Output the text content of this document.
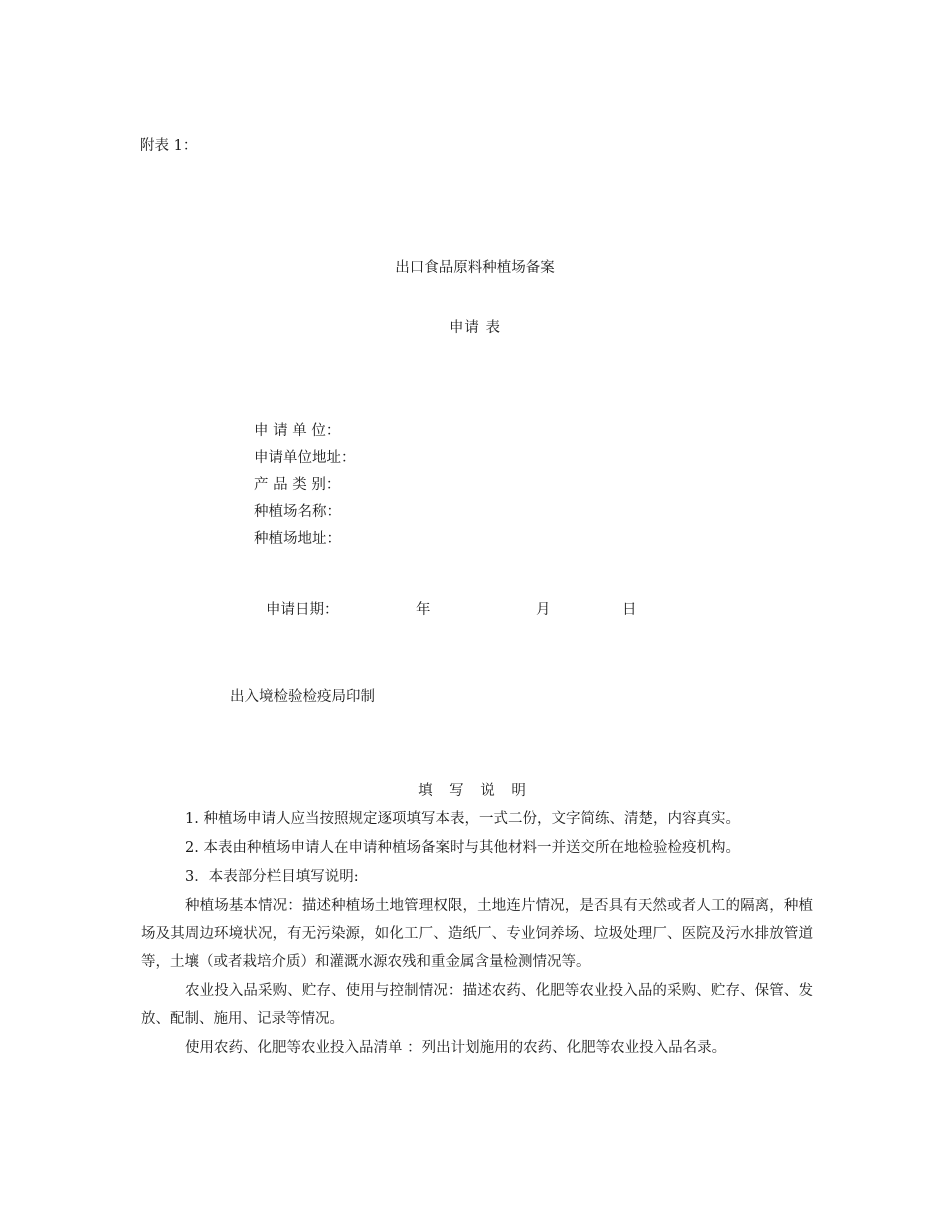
附表 1：
出口食品原料种植场备案
申请 表
申 请 单 位：
申请单位地址：
产 品 类 别：
种植场名称：
种植场地址：
申请日期：	年	月	日
出入境检验检疫局印制
填 写 说 明

1. 种植场申请人应当按照规定逐项填写本表，一式二份，文字简练、清楚，内容真实。

2. 本表由种植场申请人在申请种植场备案时与其他材料一并送交所在地检验检疫机构。

3．本表部分栏目填写说明:

种植场基本情况：描述种植场土地管理权限，土地连片情况，是否具有天然或者人工的隔离，种植场及其周边环境状况，有无污染源，如化工厂、造纸厂、专业饲养场、垃圾处理厂、医院及污水排放管道等，土壤（或者栽培介质）和灌溉水源农残和重金属含量检测情况等。

农业投入品采购、贮存、使用与控制情况：描述农药、化肥等农业投入品的采购、贮存、保管、发放、配制、施用、记录等情况。

使用农药、化肥等农业投入品清单 ：列出计划施用的农药、化肥等农业投入品名录。
